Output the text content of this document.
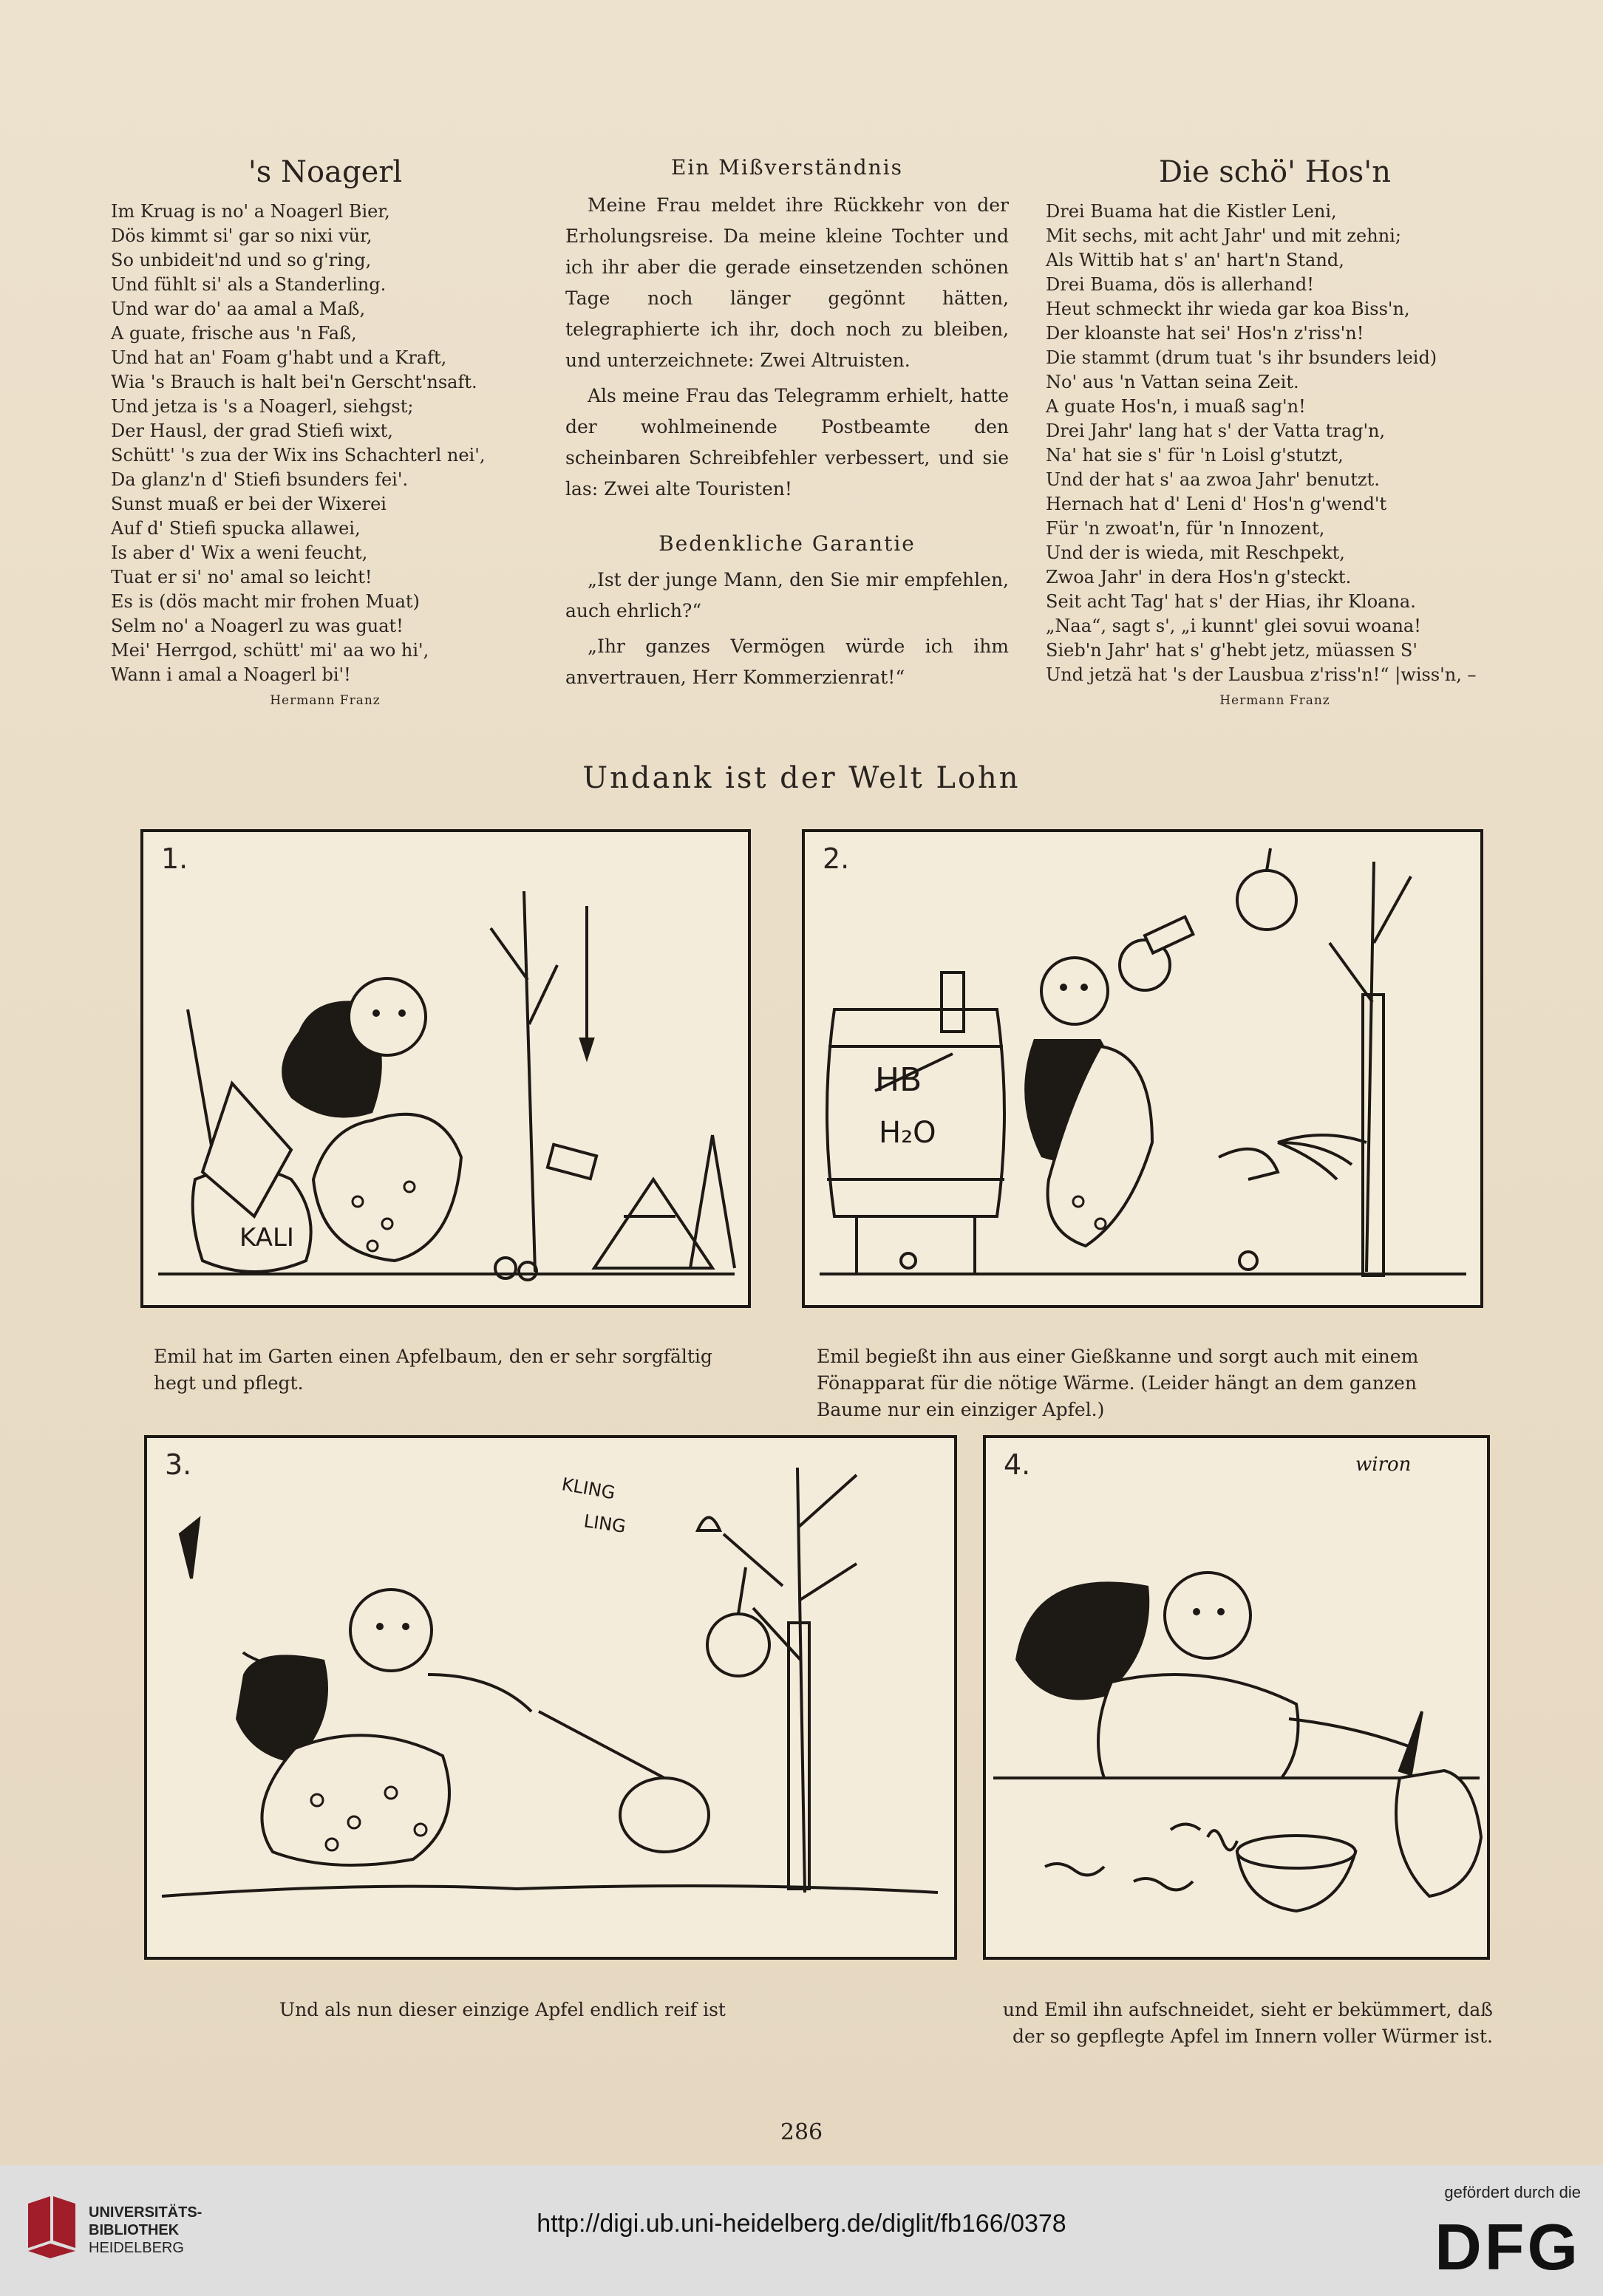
's Noagerl
Im Kruag is no' a Noagerl Bier,
Dös kimmt si' gar so nixi vür,
So unbideit'nd und so g'ring,
Und fühlt si' als a Standerling.
Und war do' aa amal a Maß,
A guate, frische aus 'n Faß,
Und hat an' Foam g'habt und a Kraft,
Wia 's Brauch is halt bei'n Gerscht'nsaft.
Und jetza is 's a Noagerl, siehgst;
Der Hausl, der grad Stiefi wixt,
Schütt' 's zua der Wix ins Schachterl nei',
Da glanz'n d' Stiefi bsunders fei'.
Sunst muaß er bei der Wixerei
Auf d' Stiefi spucka allawei,
Is aber d' Wix a weni feucht,
Tuat er si' no' amal so leicht!
Es is (dös macht mir frohen Muat)
Selm no' a Noagerl zu was guat!
Mei' Herrgod, schütt' mi' aa wo hi',
Wann i amal a Noagerl bi'!
Hermann Franz
Ein Mißverständnis

Meine Frau meldet ihre Rückkehr von der Erholungsreise. Da meine kleine Tochter und ich ihr aber die gerade einsetzenden schönen Tage noch länger gegönnt hätten, telegraphierte ich ihr, doch noch zu bleiben, und unterzeichnete: Zwei Altruisten.

Als meine Frau das Telegramm erhielt, hatte der wohlmeinende Postbeamte den scheinbaren Schreibfehler verbessert, und sie las: Zwei alte Touristen!

Bedenkliche Garantie

„Ist der junge Mann, den Sie mir empfehlen, auch ehrlich?“

„Ihr ganzes Vermögen würde ich ihm anvertrauen, Herr Kommerzienrat!“

Die schö' Hos'n
Drei Buama hat die Kistler Leni,
Mit sechs, mit acht Jahr' und mit zehni;
Als Wittib hat s' an' hart'n Stand,
Drei Buama, dös is allerhand!
Heut schmeckt ihr wieda gar koa Biss'n,
Der kloanste hat sei' Hos'n z'riss'n!
Die stammt (drum tuat 's ihr bsunders leid)
No' aus 'n Vattan seina Zeit.
A guate Hos'n, i muaß sag'n!
Drei Jahr' lang hat s' der Vatta trag'n,
Na' hat sie s' für 'n Loisl g'stutzt,
Und der hat s' aa zwoa Jahr' benutzt.
Hernach hat d' Leni d' Hos'n g'wend't
Für 'n zwoat'n, für 'n Innozent,
Und der is wieda, mit Reschpekt,
Zwoa Jahr' in dera Hos'n g'steckt.
Seit acht Tag' hat s' der Hias, ihr Kloana.
„Naa“, sagt s', „i kunnt' glei sovui woana!
Sieb'n Jahr' hat s' g'hebt jetz, müassen S'
Und jetzä hat 's der Lausbua z'riss'n!“ |wiss'n, –
Hermann Franz
Undank ist der Welt Lohn
1.
KALI
2.
HB
H₂O
Emil hat im Garten einen Apfelbaum, den er sehr sorgfältig hegt und pflegt.
Emil begießt ihn aus einer Gießkanne und sorgt auch mit einem Fönapparat für die nötige Wärme. (Leider hängt an dem ganzen Baume nur ein einziger Apfel.)
3.
KLING
LING
4.	wiron
Und als nun dieser einzige Apfel endlich reif ist	und Emil ihn aufschneidet, sieht er bekümmert, daß der so gepflegte Apfel im Innern voller Würmer ist.
286
UNIVERSITÄTS-
BIBLIOTHEK
HEIDELBERG
http://digi.ub.uni-heidelberg.de/diglit/fb166/0378
gefördert durch die
DFG
